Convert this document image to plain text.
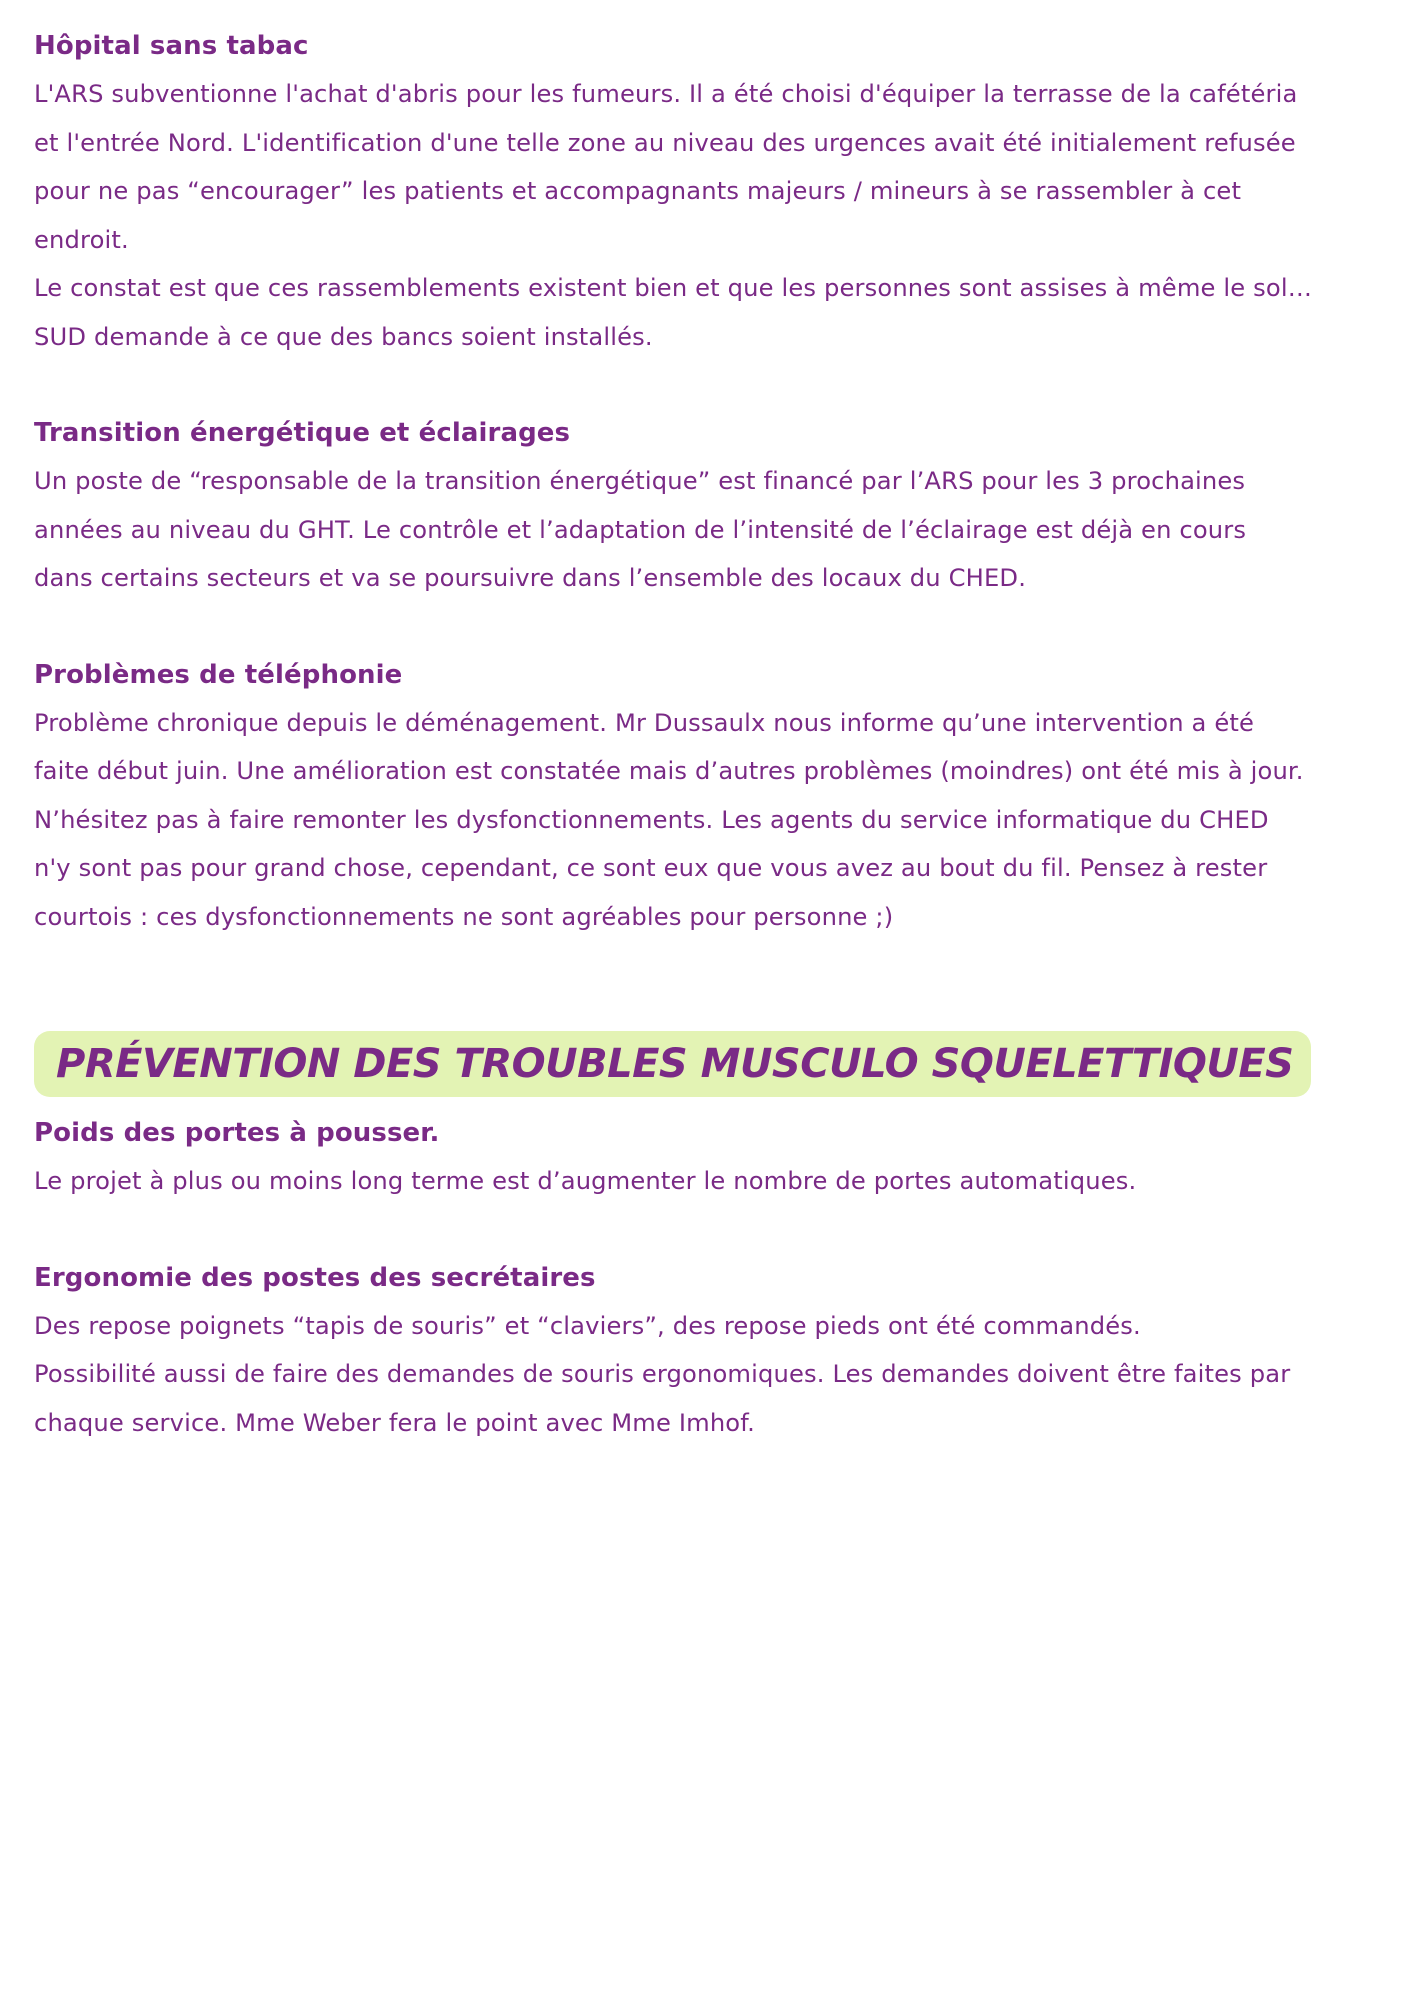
Hôpital sans tabac

L'ARS subventionne l'achat d'abris pour les fumeurs. Il a été choisi d'équiper la terrasse de la cafétéria

et l'entrée Nord. L'identification d'une telle zone au niveau des urgences avait été initialement refusée

pour ne pas “encourager” les patients et accompagnants majeurs / mineurs à se rassembler à cet

endroit.

Le constat est que ces rassemblements existent bien et que les personnes sont assises à même le sol…

SUD demande à ce que des bancs soient installés.

Transition énergétique et éclairages

Un poste de “responsable de la transition énergétique” est financé par l’ARS pour les 3 prochaines

années au niveau du GHT. Le contrôle et l’adaptation de l’intensité de l’éclairage est déjà en cours

dans certains secteurs et va se poursuivre dans l’ensemble des locaux du CHED.

Problèmes de téléphonie

Problème chronique depuis le déménagement. Mr Dussaulx nous informe qu’une intervention a été

faite début juin. Une amélioration est constatée mais d’autres problèmes (moindres) ont été mis à jour.

N’hésitez pas à faire remonter les dysfonctionnements. Les agents du service informatique du CHED

n'y sont pas pour grand chose, cependant, ce sont eux que vous avez au bout du fil. Pensez à rester

courtois : ces dysfonctionnements ne sont agréables pour personne ;)

PRÉVENTION DES TROUBLES MUSCULO SQUELETTIQUES

Poids des portes à pousser.

Le projet à plus ou moins long terme est d’augmenter le nombre de portes automatiques.

Ergonomie des postes des secrétaires

Des repose poignets “tapis de souris” et “claviers”, des repose pieds ont été commandés.

Possibilité aussi de faire des demandes de souris ergonomiques. Les demandes doivent être faites par

chaque service. Mme Weber fera le point avec Mme Imhof.
